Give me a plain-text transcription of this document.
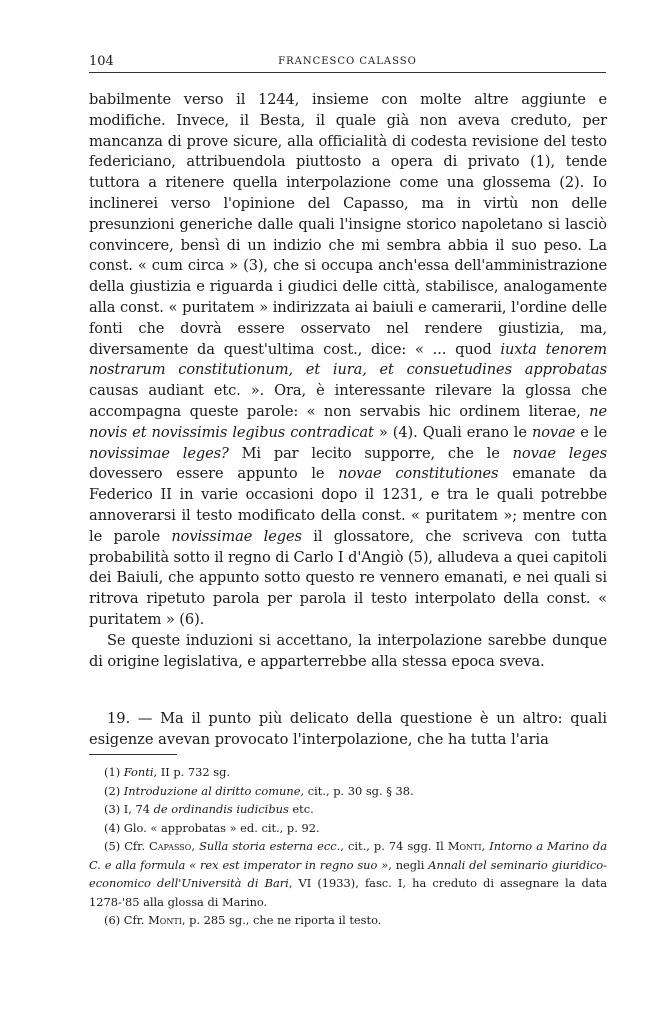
104	FRANCESCO CALASSO

babilmente verso il 1244, insieme con molte altre aggiunte e modifiche. Invece, il Besta, il quale già non aveva creduto, per mancanza di prove sicure, alla officialità di codesta revisione del testo federiciano, attribuendola piuttosto a opera di privato (1), tende tuttora a ritenere quella interpolazione come una glossema (2). Io inclinerei verso l'opinione del Capasso, ma in virtù non delle presunzioni generiche dalle quali l'insigne storico napoletano si lasciò convincere, bensì di un indizio che mi sembra abbia il suo peso. La const. « cum circa » (3), che si occupa anch'essa dell'amministrazione della giustizia e riguarda i giudici delle città, stabilisce, analogamente alla const. « puritatem » indirizzata ai baiuli e camerarii, l'ordine delle fonti che dovrà essere osservato nel rendere giustizia, ma, diversamente da quest'ultima cost., dice: « ... quod iuxta tenorem nostrarum constitutionum, et iura, et consuetudines approbatas causas audiant etc. ». Ora, è interessante rilevare la glossa che accompagna queste parole: « non servabis hic ordinem literae, ne novis et novissimis legibus contradicat » (4). Quali erano le novae e le novissimae leges? Mi par lecito supporre, che le novae leges dovessero essere appunto le novae constitutiones emanate da Federico II in varie occasioni dopo il 1231, e tra le quali potrebbe annoverarsi il testo modificato della const. « puritatem »; mentre con le parole novissimae leges il glossatore, che scriveva con tutta probabilità sotto il regno di Carlo I d'Angiò (5), alludeva a quei capitoli dei Baiuli, che appunto sotto questo re vennero emanati, e nei quali si ritrova ripetuto parola per parola il testo interpolato della const. « puritatem » (6).

Se queste induzioni si accettano, la interpolazione sarebbe dunque di origine legislativa, e apparterrebbe alla stessa epoca sveva.

19. — Ma il punto più delicato della questione è un altro: quali esigenze avevan provocato l'interpolazione, che ha tutta l'aria

(1) Fonti, II p. 732 sg.

(2) Introduzione al diritto comune, cit., p. 30 sg. § 38.

(3) I, 74 de ordinandis iudicibus etc.

(4) Glo. « approbatas » ed. cit., p. 92.

(5) Cfr. Capasso, Sulla storia esterna ecc., cit., p. 74 sgg. Il Monti, Intorno a Marino da C. e alla formula « rex est imperator in regno suo », negli Annali del seminario giuridico-economico dell'Università di Bari, VI (1933), fasc. I, ha creduto di assegnare la data 1278-'85 alla glossa di Marino.

(6) Cfr. Monti, p. 285 sg., che ne riporta il testo.
